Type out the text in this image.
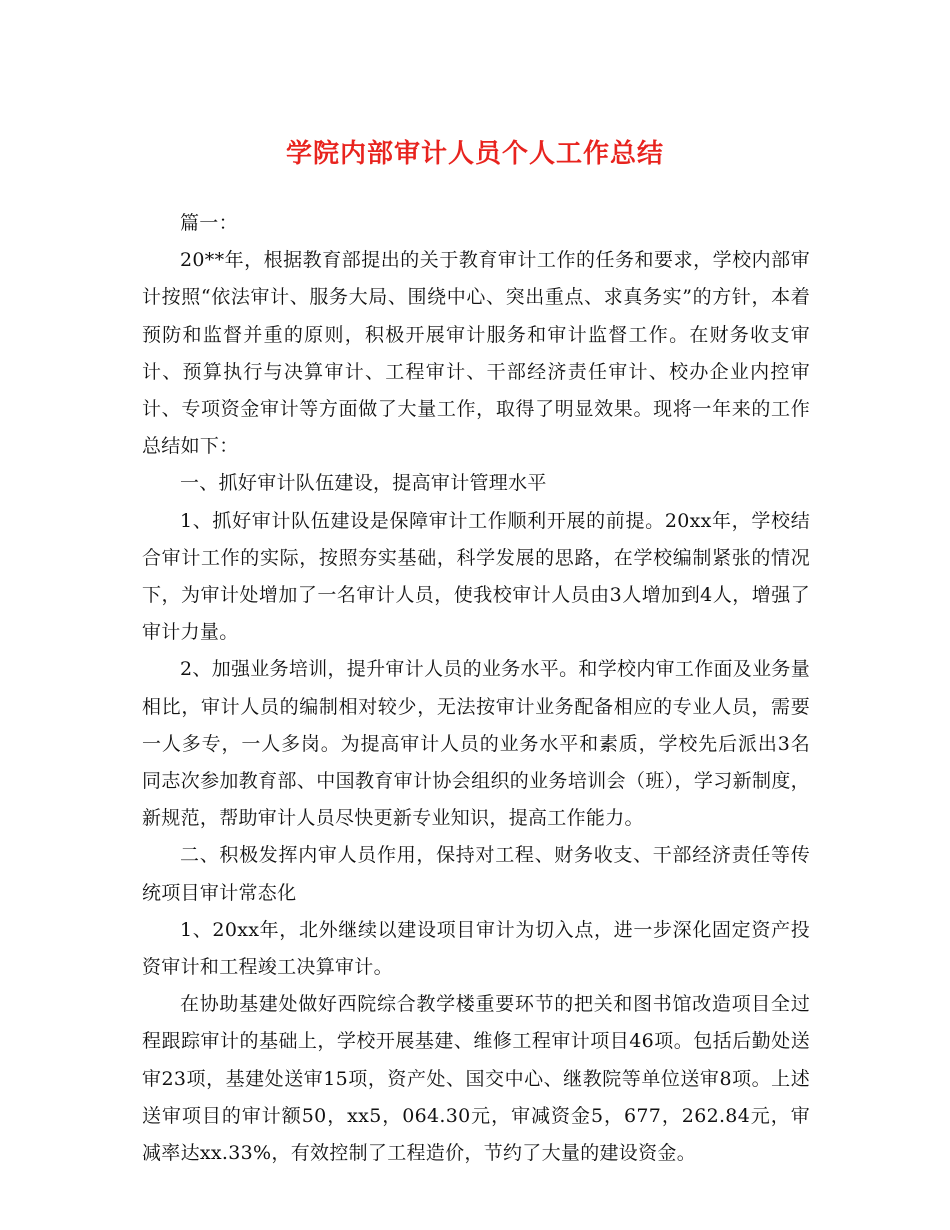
学院内部审计人员个人工作总结

篇一：

20**年，根据教育部提出的关于教育审计工作的任务和要求，学校内部审计按照“依法审计、服务大局、围绕中心、突出重点、求真务实”的方针，本着预防和监督并重的原则，积极开展审计服务和审计监督工作。在财务收支审计、预算执行与决算审计、工程审计、干部经济责任审计、校办企业内控审计、专项资金审计等方面做了大量工作，取得了明显效果。现将一年来的工作总结如下：

一、抓好审计队伍建设，提高审计管理水平

1、抓好审计队伍建设是保障审计工作顺利开展的前提。20xx年，学校结合审计工作的实际，按照夯实基础，科学发展的思路，在学校编制紧张的情况下，为审计处增加了一名审计人员，使我校审计人员由3人增加到4人，增强了审计力量。

2、加强业务培训，提升审计人员的业务水平。和学校内审工作面及业务量相比，审计人员的编制相对较少，无法按审计业务配备相应的专业人员，需要一人多专，一人多岗。为提高审计人员的业务水平和素质，学校先后派出3名同志次参加教育部、中国教育审计协会组织的业务培训会（班），学习新制度，新规范，帮助审计人员尽快更新专业知识，提高工作能力。

二、积极发挥内审人员作用，保持对工程、财务收支、干部经济责任等传统项目审计常态化

1、20xx年，北外继续以建设项目审计为切入点，进一步深化固定资产投资审计和工程竣工决算审计。

在协助基建处做好西院综合教学楼重要环节的把关和图书馆改造项目全过程跟踪审计的基础上，学校开展基建、维修工程审计项目46项。包括后勤处送审23项，基建处送审15项，资产处、国交中心、继教院等单位送审8项。上述送审项目的审计额50，xx5，064.30元，审减资金5，677，262.84元，审减率达xx.33%，有效控制了工程造价，节约了大量的建设资金。
